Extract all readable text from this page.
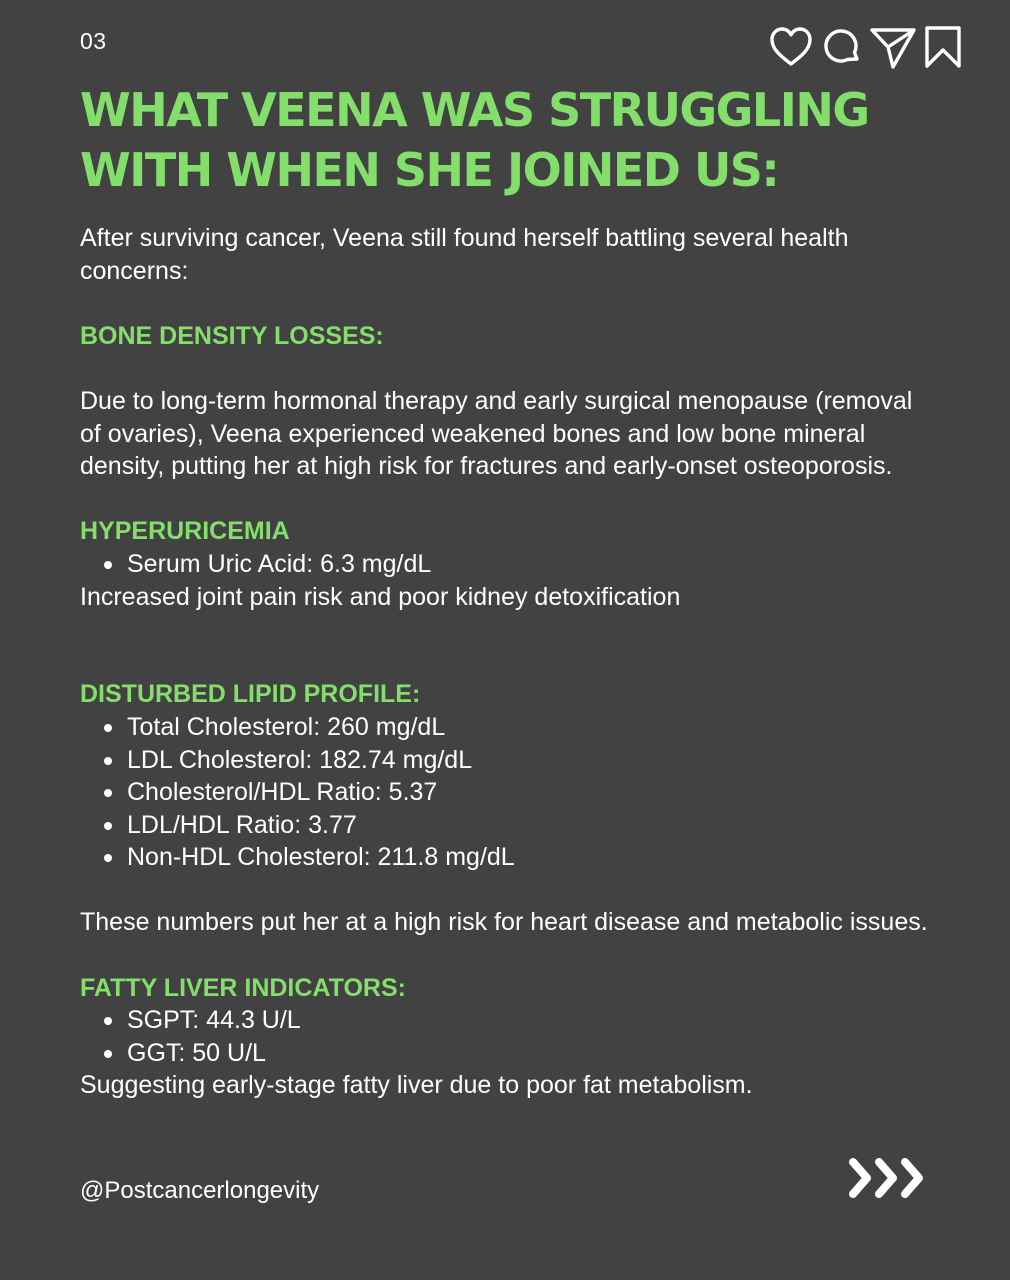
03
WHAT VEENA WAS STRUGGLING WITH WHEN SHE JOINED US:

After surviving cancer, Veena still found herself battling several health concerns:

BONE DENSITY LOSSES:

Due to long-term hormonal therapy and early surgical menopause (removal of ovaries), Veena experienced weakened bones and low bone mineral density, putting her at high risk for fractures and early-onset osteoporosis.

HYPERURICEMIA

Serum Uric Acid: 6.3 mg/dL

Increased joint pain risk and poor kidney detoxification

DISTURBED LIPID PROFILE:

Total Cholesterol: 260 mg/dL
LDL Cholesterol: 182.74 mg/dL
Cholesterol/HDL Ratio: 5.37
LDL/HDL Ratio: 3.77
Non-HDL Cholesterol: 211.8 mg/dL

These numbers put her at a high risk for heart disease and metabolic issues.

FATTY LIVER INDICATORS:

SGPT: 44.3 U/L
GGT: 50 U/L

Suggesting early-stage fatty liver due to poor fat metabolism.

@Postcancerlongevity
